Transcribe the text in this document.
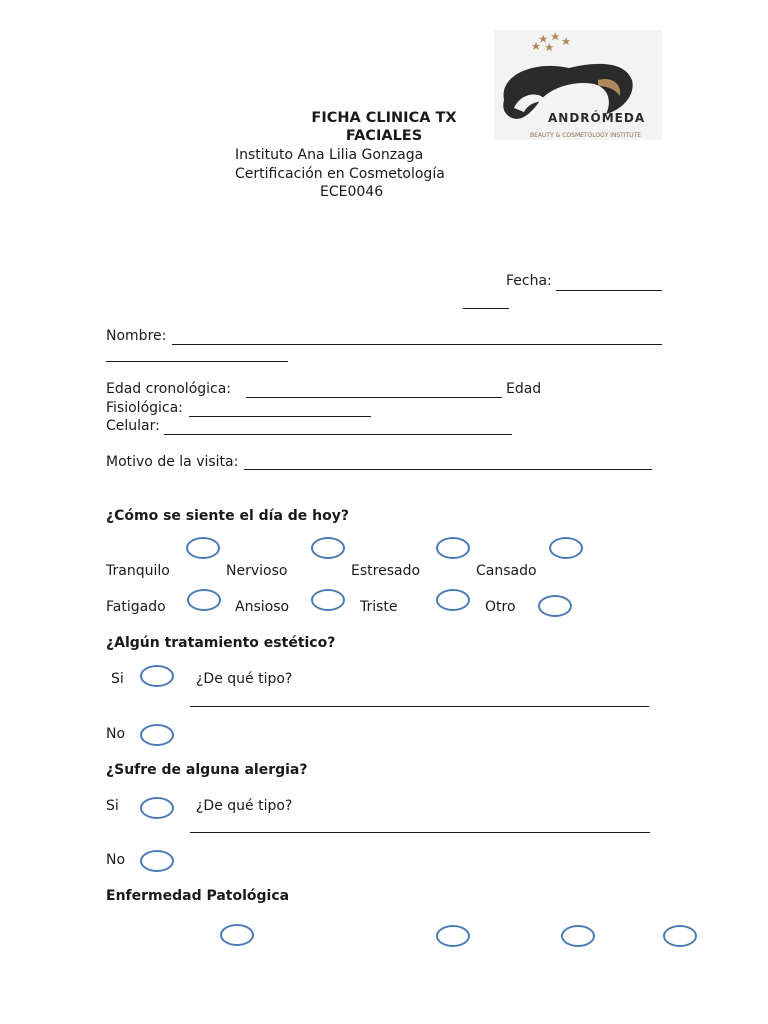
ANDRÓMEDA
BEAUTY & COSMETOLOGY INSTITUTE
FICHA CLINICA TX
FACIALES
Instituto Ana Lilia Gonzaga
Certificación en Cosmetología
ECE0046
Fecha:
Nombre:
Edad cronológica:	Edad
Fisiológica:
Celular:
Motivo de la visita:
¿Cómo se siente el día de hoy?
Tranquilo	Nervioso	Estresado	Cansado
Fatigado	Ansioso	Triste	Otro
¿Algún tratamiento estético?
Si	¿De qué tipo?
No
¿Sufre de alguna alergia?
Si	¿De qué tipo?
No
Enfermedad Patológica
